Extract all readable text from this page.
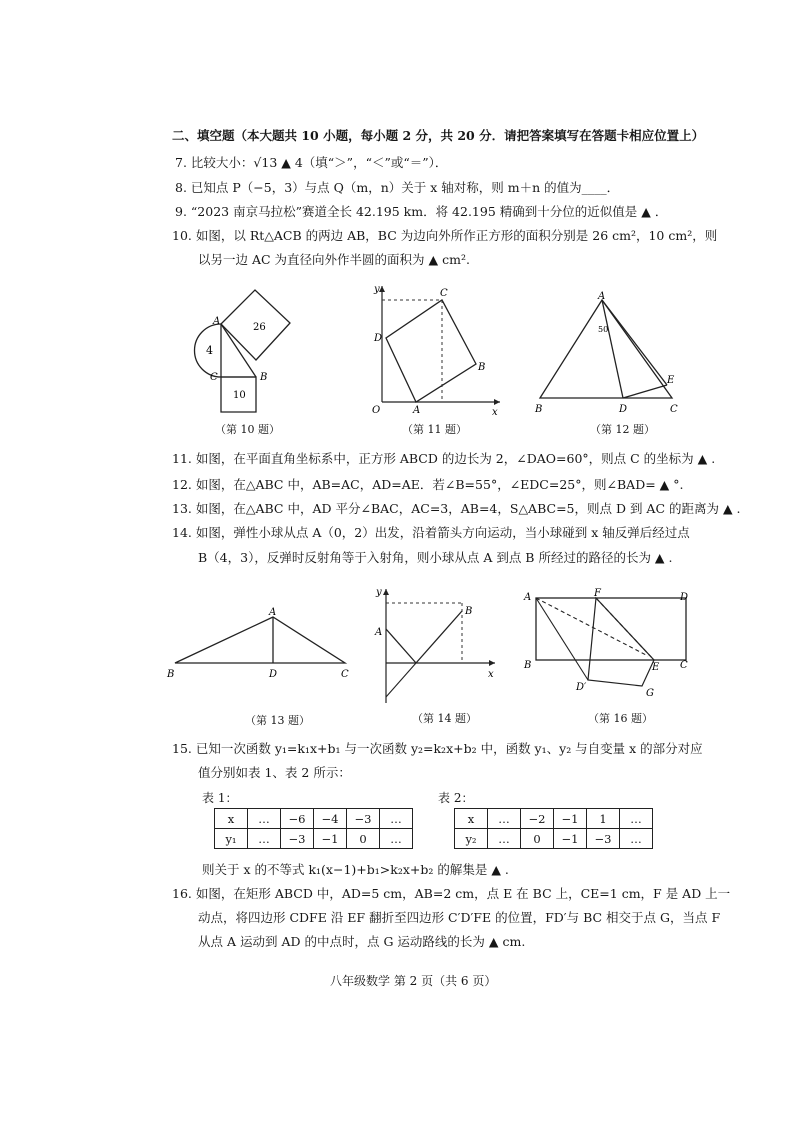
二、填空题（本大题共 10 小题，每小题 2 分，共 20 分．请把答案填写在答题卡相应位置上）
7. 比较大小：√13 ▲ 4（填“＞”，“＜”或“＝”）．
8. 已知点 P（−5，3）与点 Q（m，n）关于 x 轴对称，则 m＋n 的值为____．
9. “2023 南京马拉松”赛道全长 42.195 km．将 42.195 精确到十分位的近似值是 ▲ ．
10. 如图，以 Rt△ACB 的两边 AB，BC 为边向外所作正方形的面积分别是 26 cm²，10 cm²，则
以另一边 AC 为直径向外作半圆的面积为 ▲ cm².
26
10
4
A
B
C
（第 10 题）
y
x
O	A
B
C
D
（第 11 题）
A
B	C
D
E
50
（第 12 题）
11. 如图，在平面直角坐标系中，正方形 ABCD 的边长为 2，∠DAO=60°，则点 C 的坐标为 ▲ .
12. 如图，在△ABC 中，AB=AC，AD=AE．若∠B=55°，∠EDC=25°，则∠BAD= ▲ °.
13. 如图，在△ABC 中，AD 平分∠BAC，AC=3，AB=4，S△ABC=5，则点 D 到 AC 的距离为 ▲ .
14. 如图，弹性小球从点 A（0，2）出发，沿着箭头方向运动，当小球碰到 x 轴反弹后经过点
B（4，3），反弹时反射角等于入射角，则小球从点 A 到点 B 所经过的路径的长为 ▲ .
A
B	C
D
（第 13 题）
y
x
A
B
（第 14 题）
A
B	C
D
E
F
G
D′
（第 16 题）
15. 已知一次函数 y₁=k₁x+b₁ 与一次函数 y₂=k₂x+b₂ 中，函数 y₁、y₂ 与自变量 x 的部分对应
值分别如表 1、表 2 所示：
表 1：
x	…	−6	−4	−3	…
y₁	…	−3	−1	0	…
表 2：
x	…	−2	−1	1	…
y₂	…	0	−1	−3	…
则关于 x 的不等式 k₁(x−1)+b₁>k₂x+b₂ 的解集是 ▲ .
16. 如图，在矩形 ABCD 中，AD=5 cm，AB=2 cm，点 E 在 BC 上，CE=1 cm，F 是 AD 上一
动点，将四边形 CDFE 沿 EF 翻折至四边形 C′D′FE 的位置，FD′与 BC 相交于点 G，当点 F
从点 A 运动到 AD 的中点时，点 G 运动路线的长为 ▲ cm.
八年级数学 第 2 页（共 6 页）
